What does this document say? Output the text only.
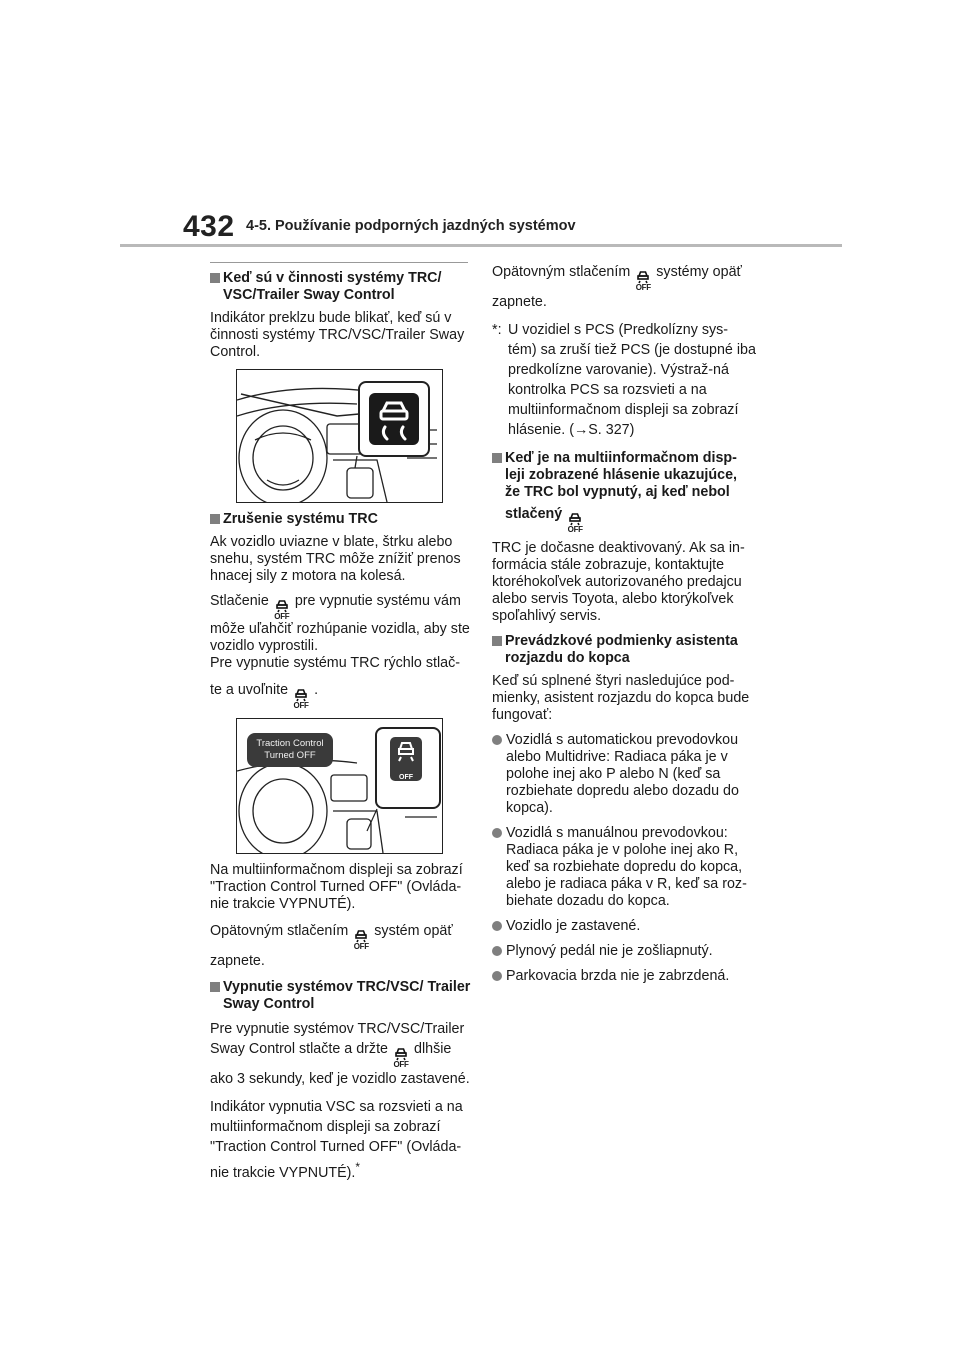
432 4-5. Používanie podporných jazdných systémov
Keď sú v činnosti systémy TRC/ VSC/Trailer Sway Control

Indikátor preklzu bude blikať, keď sú v činnosti systémy TRC/VSC/Trailer Sway Control.

Zrušenie systému TRC

Ak vozidlo uviazne v blate, štrku alebo snehu, systém TRC môže znížiť prenos hnacej sily z motora na kolesá.

Stlačenie
OFF
pre vypnutie systému vám môže uľahčiť rozhúpanie vozidla, aby ste vozidlo vyprostili.
Pre vypnutie systému TRC rýchlo stlač-

te a uvoľnite
OFF
.

Traction Control Turned OFF
OFF

Na multiinformačnom displeji sa zobrazí "Traction Control Turned OFF" (Ovláda-nie trakcie VYPNUTÉ).

Opätovným stlačením
OFF
systém opäť zapnete.

Vypnutie systémov TRC/VSC/ Trailer Sway Control

Pre vypnutie systémov TRC/VSC/Trailer
Sway Control stlačte a držte
OFF
dlhšie ako 3 sekundy, keď je vozidlo zastavené.

Indikátor vypnutia VSC sa rozsvieti a na multiinformačnom displeji sa zobrazí "Traction Control Turned OFF" (Ovláda-nie trakcie VYPNUTÉ).*

Opätovným stlačením
OFF
systémy opäť zapnete.

*: U vozidiel s PCS (Predkolízny sys-tém) sa zruší tiež PCS (je dostupné iba predkolízne varovanie). Výstraž-ná kontrolka PCS sa rozsvieti a na multiinformačnom displeji sa zobrazí hlásenie. (→S. 327)
Keď je na multiinformačnom disp-leji zobrazené hlásenie ukazujúce, že TRC bol vypnutý, aj keď nebol
stlačený
OFF

TRC je dočasne deaktivovaný. Ak sa in-formácia stále zobrazuje, kontaktujte ktoréhokoľvek autorizovaného predajcu alebo servis Toyota, alebo ktorýkoľvek spoľahlivý servis.

Prevádzkové podmienky asistenta rozjazdu do kopca

Keď sú splnené štyri nasledujúce pod-mienky, asistent rozjazdu do kopca bude fungovať:

Vozidlá s automatickou prevodovkou alebo Multidrive: Radiaca páka je v polohe inej ako P alebo N (keď sa rozbiehate dopredu alebo dozadu do kopca).
Vozidlá s manuálnou prevodovkou: Radiaca páka je v polohe inej ako R, keď sa rozbiehate dopredu do kopca, alebo je radiaca páka v R, keď sa roz-biehate dozadu do kopca.
Vozidlo je zastavené.
Plynový pedál nie je zošliapnutý.
Parkovacia brzda nie je zabrzdená.
